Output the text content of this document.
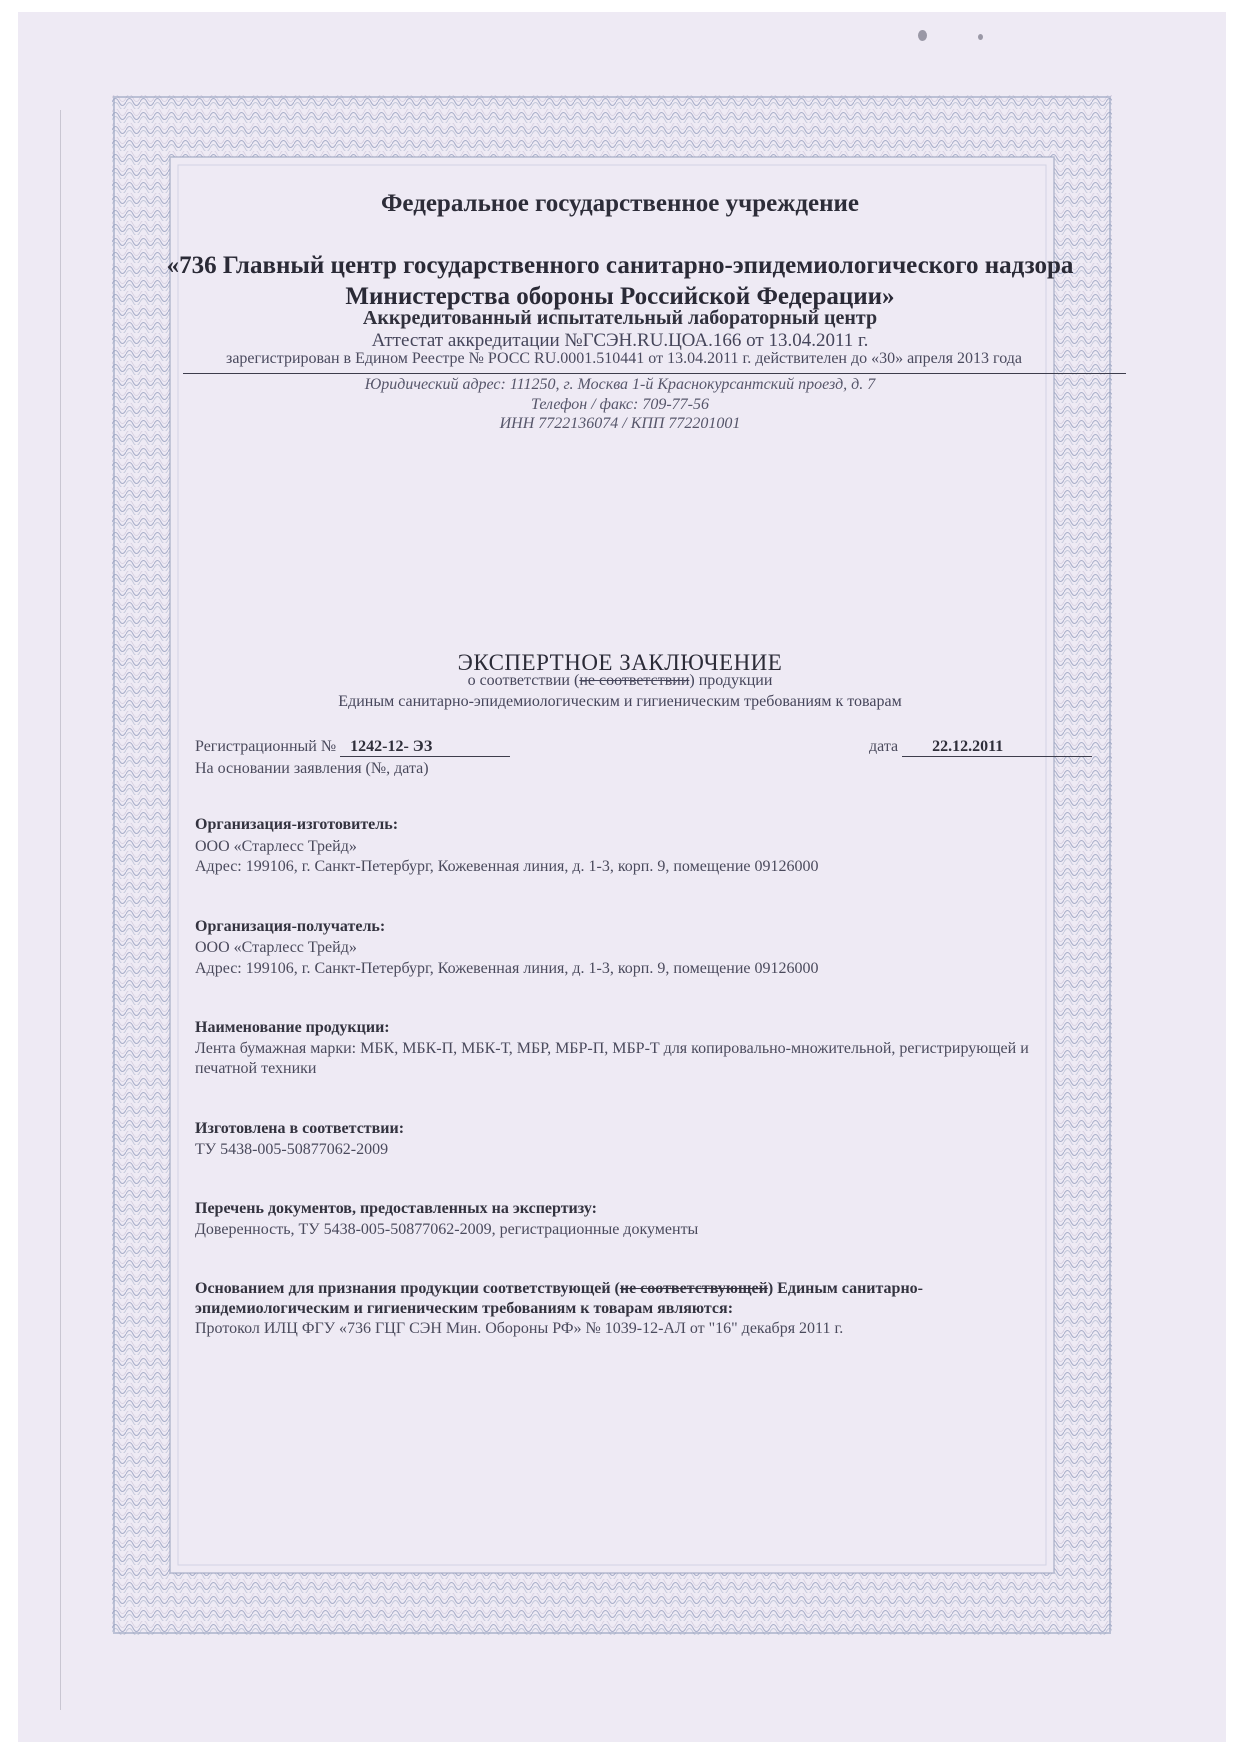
Федеральное государственное учреждение
«736 Главный центр государственного санитарно-эпидемиологического надзора
Министерства обороны Российской Федерации»
Аккредитованный испытательный лабораторный центр
Аттестат аккредитации №ГСЭН.RU.ЦОА.166 от 13.04.2011 г.
зарегистрирован в Едином Реестре № РОСС RU.0001.510441 от 13.04.2011 г. действителен до «30» апреля 2013 года
Юридический адрес: 111250, г. Москва 1-й Краснокурсантский проезд, д. 7
Телефон / факс: 709-77-56
ИНН 7722136074 / КПП 772201001
ЭКСПЕРТНОЕ ЗАКЛЮЧЕНИЕ
о соответствии (не соответствии) продукции
Единым санитарно-эпидемиологическим и гигиеническим требованиям к товарам
Регистрационный № 1242-12- ЭЗ	дата 22.12.2011
На основании заявления (№, дата)
Организация-изготовитель:
ООО «Старлесс Трейд»
Адрес: 199106, г. Санкт-Петербург, Кожевенная линия, д. 1-3, корп. 9, помещение 09126000
Организация-получатель:
ООО «Старлесс Трейд»
Адрес: 199106, г. Санкт-Петербург, Кожевенная линия, д. 1-3, корп. 9, помещение 09126000
Наименование продукции:
Лента бумажная марки: МБК, МБК-П, МБК-Т, МБР, МБР-П, МБР-Т для копировально-множительной, регистрирующей и
печатной техники
Изготовлена в соответствии:
ТУ 5438-005-50877062-2009
Перечень документов, предоставленных на экспертизу:
Доверенность, ТУ 5438-005-50877062-2009, регистрационные документы
Основанием для признания продукции соответствующей (не соответствующей) Единым санитарно-
эпидемиологическим и гигиеническим требованиям к товарам являются:
Протокол ИЛЦ ФГУ «736 ГЦГ СЭН Мин. Обороны РФ» № 1039-12-АЛ от "16" декабря 2011 г.
